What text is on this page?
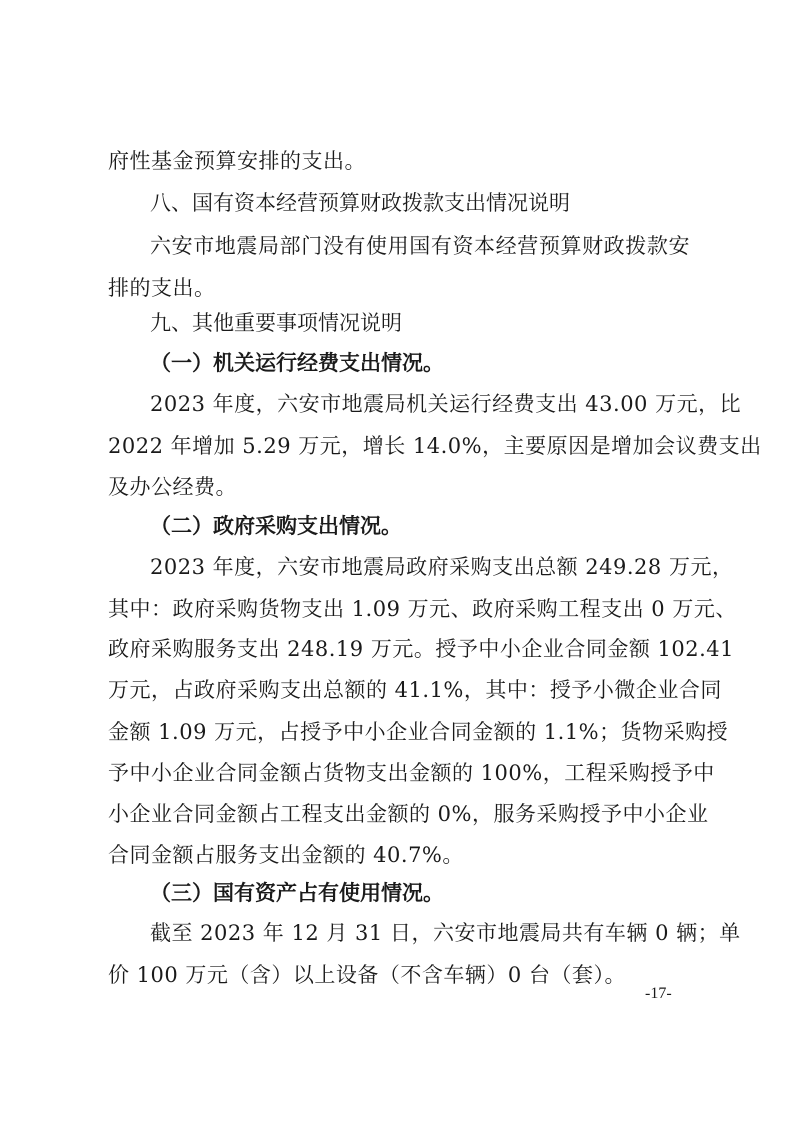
府性基金预算安排的支出。
八、国有资本经营预算财政拨款支出情况说明
六安市地震局部门没有使用国有资本经营预算财政拨款安
排的支出。
九、其他重要事项情况说明
（一）机关运行经费支出情况。
2023 年度，六安市地震局机关运行经费支出 43.00 万元，比
2022 年增加 5.29 万元，增长 14.0%，主要原因是增加会议费支出
及办公经费。
（二）政府采购支出情况。
2023 年度，六安市地震局政府采购支出总额 249.28 万元，
其中：政府采购货物支出 1.09 万元、政府采购工程支出 0 万元、
政府采购服务支出 248.19 万元。授予中小企业合同金额 102.41
万元，占政府采购支出总额的 41.1%，其中：授予小微企业合同
金额 1.09 万元，占授予中小企业合同金额的 1.1%；货物采购授
予中小企业合同金额占货物支出金额的 100%，工程采购授予中
小企业合同金额占工程支出金额的 0%，服务采购授予中小企业
合同金额占服务支出金额的 40.7%。
（三）国有资产占有使用情况。
截至 2023 年 12 月 31 日，六安市地震局共有车辆 0 辆；单
价 100 万元（含）以上设备（不含车辆）0 台（套）。
-17-
